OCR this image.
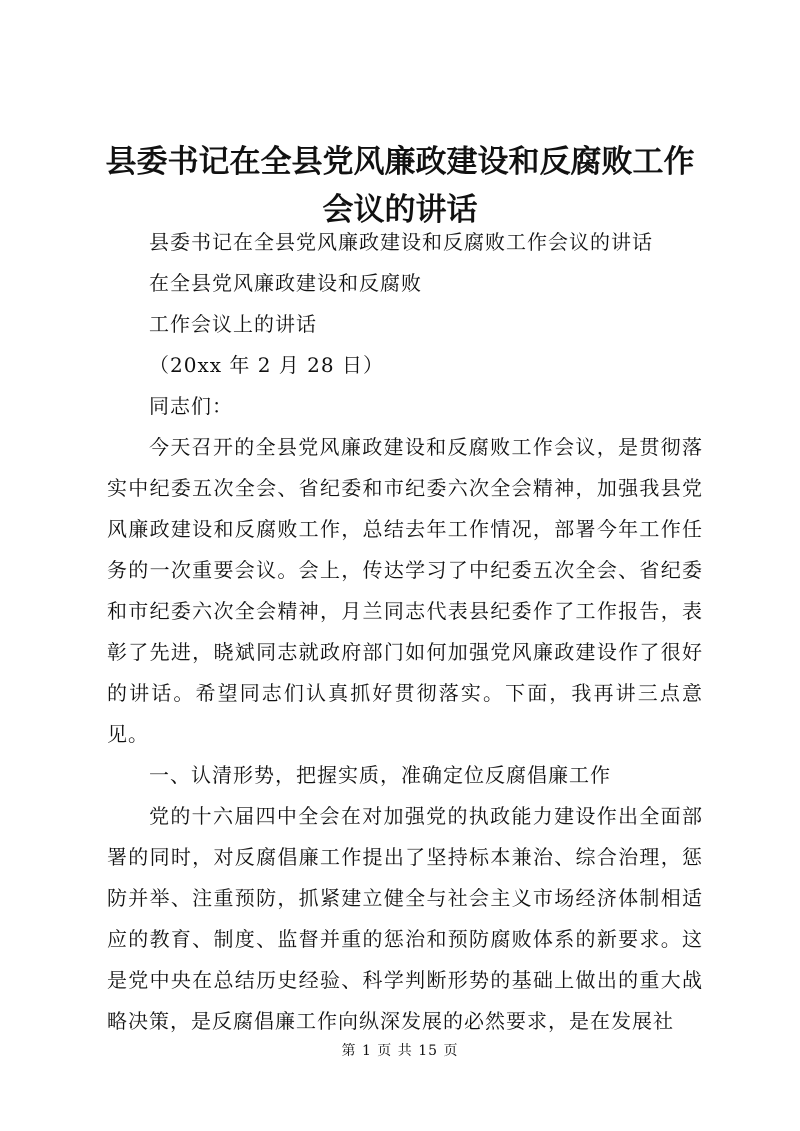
县委书记在全县党风廉政建设和反腐败工作会议的讲话

县委书记在全县党风廉政建设和反腐败工作会议的讲话

在全县党风廉政建设和反腐败

工作会议上的讲话

（20xx 年 2 月 28 日）

同志们：

今天召开的全县党风廉政建设和反腐败工作会议，是贯彻落实中纪委五次全会、省纪委和市纪委六次全会精神，加强我县党风廉政建设和反腐败工作，总结去年工作情况，部署今年工作任务的一次重要会议。会上，传达学习了中纪委五次全会、省纪委和市纪委六次全会精神，月兰同志代表县纪委作了工作报告，表彰了先进，晓斌同志就政府部门如何加强党风廉政建设作了很好的讲话。希望同志们认真抓好贯彻落实。下面，我再讲三点意见。

一、认清形势，把握实质，准确定位反腐倡廉工作

党的十六届四中全会在对加强党的执政能力建设作出全面部署的同时，对反腐倡廉工作提出了坚持标本兼治、综合治理，惩防并举、注重预防，抓紧建立健全与社会主义市场经济体制相适应的教育、制度、监督并重的惩治和预防腐败体系的新要求。这是党中央在总结历史经验、科学判断形势的基础上做出的重大战略决策，是反腐倡廉工作向纵深发展的必然要求，是在发展社

第 1 页 共 15 页
